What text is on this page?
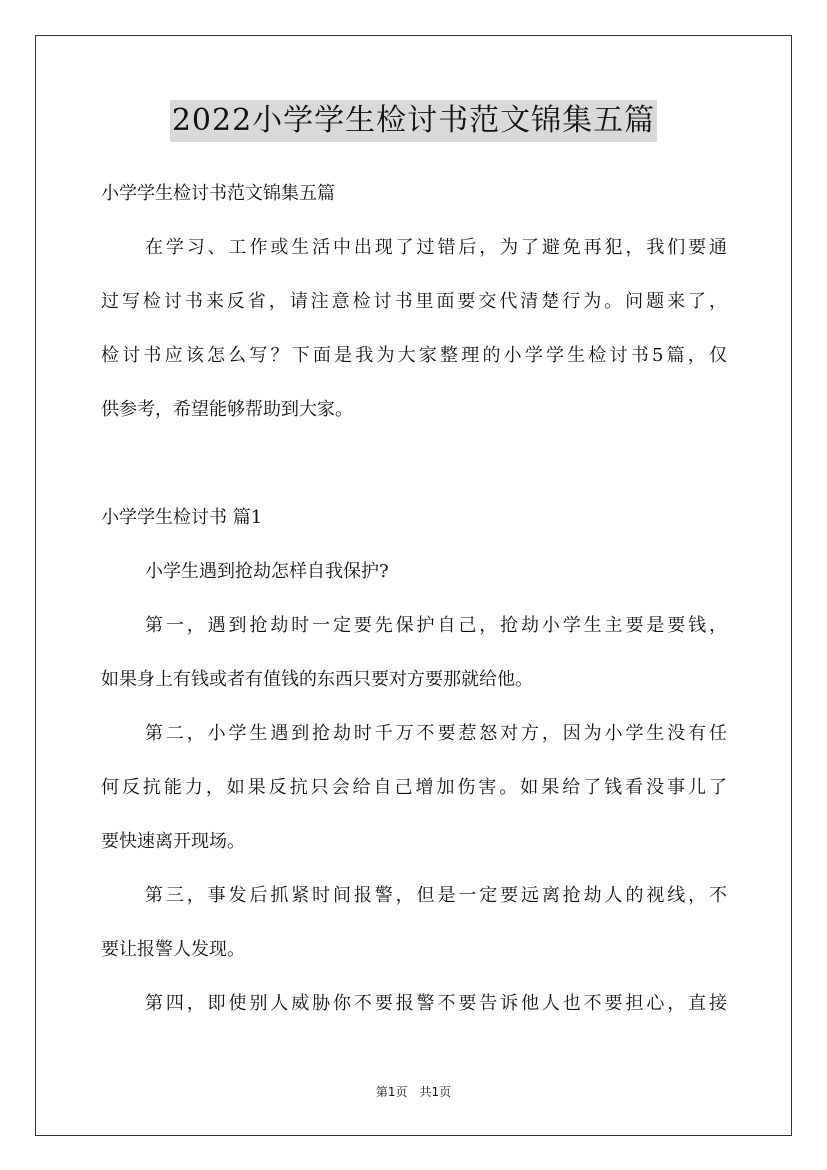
2022小学学生检讨书范文锦集五篇
小学学生检讨书范文锦集五篇
在学习、工作或生活中出现了过错后，为了避免再犯，我们要通
过写检讨书来反省，请注意检讨书里面要交代清楚行为。问题来了，
检讨书应该怎么写？下面是我为大家整理的小学学生检讨书5篇，仅
供参考，希望能够帮助到大家。
小学学生检讨书 篇1
小学生遇到抢劫怎样自我保护?
第一，遇到抢劫时一定要先保护自己，抢劫小学生主要是要钱，
如果身上有钱或者有值钱的东西只要对方要那就给他。
第二，小学生遇到抢劫时千万不要惹怒对方，因为小学生没有任
何反抗能力，如果反抗只会给自己增加伤害。如果给了钱看没事儿了
要快速离开现场。
第三，事发后抓紧时间报警，但是一定要远离抢劫人的视线，不
要让报警人发现。
第四，即使别人威胁你不要报警不要告诉他人也不要担心，直接
第1页 共1页
